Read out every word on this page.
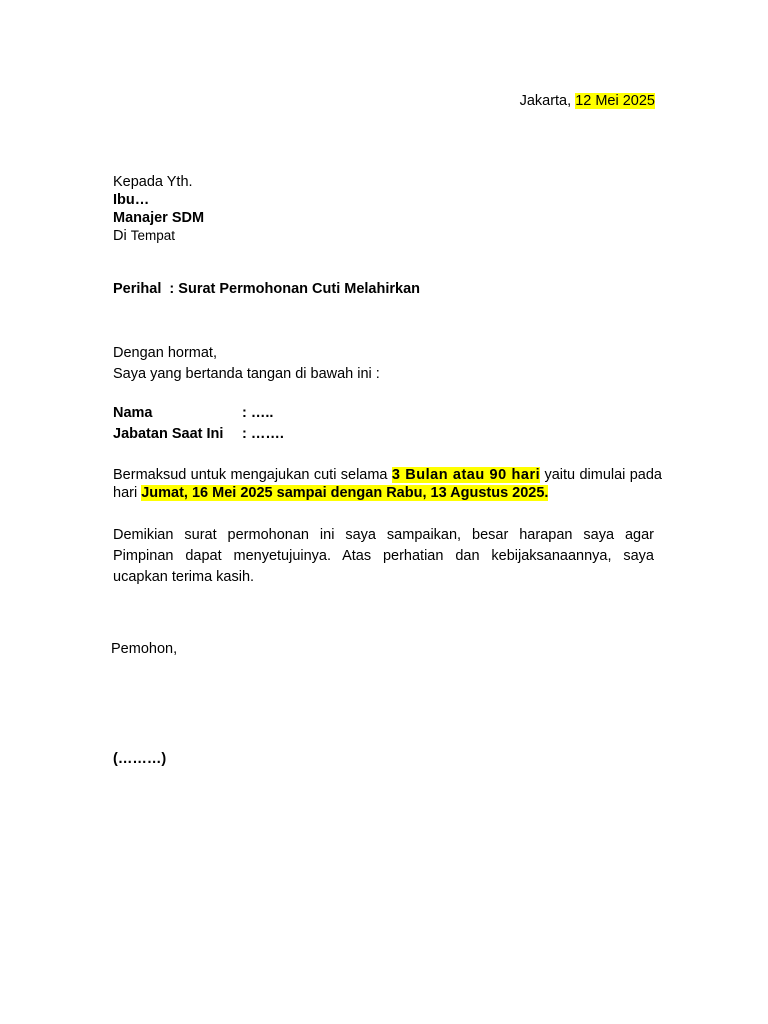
Jakarta, 12 Mei 2025
Kepada Yth.
Ibu…
Manajer SDM
Di Tempat
Perihal : Surat Permohonan Cuti Melahirkan
Dengan hormat,
Saya yang bertanda tangan di bawah ini :
Nama	: …..
Jabatan Saat Ini : …….
Bermaksud untuk mengajukan cuti selama 3 Bulan atau 90 hari yaitu dimulai pada hari Jumat, 16 Mei 2025 sampai dengan Rabu, 13 Agustus 2025.
Demikian surat permohonan ini saya sampaikan, besar harapan saya agar Pimpinan dapat menyetujuinya. Atas perhatian dan kebijaksanaannya, saya ucapkan terima kasih.
Pemohon,
(………)
